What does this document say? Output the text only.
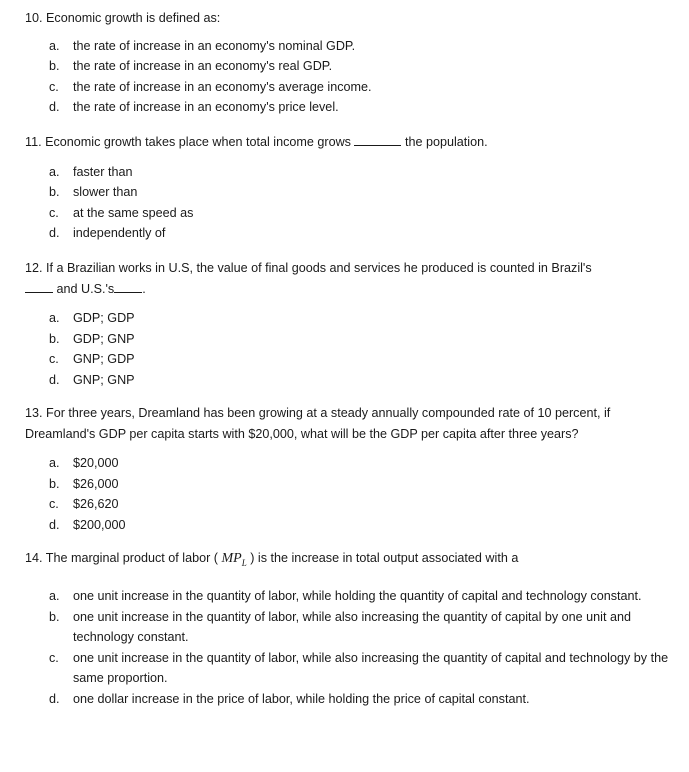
10. Economic growth is defined as:

a.	the rate of increase in an economy's nominal GDP.
b.	the rate of increase in an economy's real GDP.
c.	the rate of increase in an economy's average income.
d.	the rate of increase in an economy's price level.

11. Economic growth takes place when total income grows	the population.

a.	faster than
b.	slower than
c.	at the same speed as
d.	independently of

12. If a Brazilian works in U.S, the value of final goods and services he produced is counted in Brazil's
and U.S.'s .

a.	GDP; GDP
b.	GDP; GNP
c.	GNP; GDP
d.	GNP; GNP

13. For three years, Dreamland has been growing at a steady annually compounded rate of 10 percent, if Dreamland's GDP per capita starts with $20,000, what will be the GDP per capita after three years?

a.	$20,000
b.	$26,000
c.	$26,620
d.	$200,000

14. The marginal product of labor ( $MP_L$ ) is the increase in total output associated with a

a.	one unit increase in the quantity of labor, while holding the quantity of capital and technology constant.
b.	one unit increase in the quantity of labor, while also increasing the quantity of capital by one unit and technology constant.
c.	one unit increase in the quantity of labor, while also increasing the quantity of capital and technology by the same proportion.
d.	one dollar increase in the price of labor, while holding the price of capital constant.
